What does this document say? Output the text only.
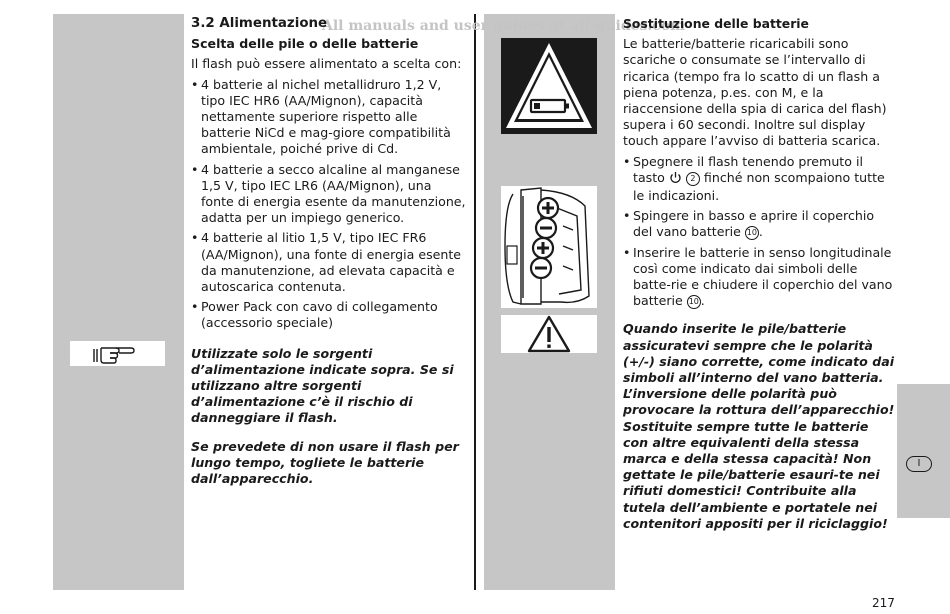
All manuals and user guides at all-guides.com

3.2 Alimentazione

Scelta delle pile o delle batterie

Il flash può essere alimentato a scelta con:

• 4 batterie al nichel metallidruro 1,2 V, tipo IEC HR6 (AA/Mignon), capacità nettamente superiore rispetto alle batterie NiCd e mag-giore compatibilità ambientale, poiché prive di Cd.
• 4 batterie a secco alcaline al manganese 1,5 V, tipo IEC LR6 (AA/Mignon), una fonte di energia esente da manutenzione, adatta per un impiego generico.
• 4 batterie al litio 1,5 V, tipo IEC FR6 (AA/Mignon), una fonte di energia esente da manutenzione, ad elevata capacità e autoscarica contenuta.
• Power Pack con cavo di collegamento (accessorio speciale)

Utilizzate solo le sorgenti d’alimentazione indicate sopra. Se si utilizzano altre sorgenti d’alimentazione c’è il rischio di danneggiare il flash.

Se prevedete di non usare il flash per lungo tempo, togliete le batterie dall’apparecchio.

Sostituzione delle batterie

Le batterie/batterie ricaricabili sono scariche o consumate se l’intervallo di ricarica (tempo fra lo scatto di un flash a piena potenza, p.es. con M, e la riaccensione della spia di carica del flash) supera i 60 secondi. Inoltre sul display touch appare l’avviso di batteria scarica.

• Spegnere il flash tenendo premuto il tasto	2 finché non scompaiono tutte le indicazioni.
• Spingere in basso e aprire il coperchio del vano batterie 10 .
• Inserire le batterie in senso longitudinale così come indicato dai simboli delle batte-rie e chiudere il coperchio del vano batterie 10 .

Quando inserite le pile/batterie assicuratevi sempre che le polarità (+/-) siano corrette, come indicato dai simboli all’interno del vano batteria. L’inversione delle polarità può provocare la rottura dell’apparecchio! Sostituite sempre tutte le batterie con altre equivalenti della stessa marca e della stessa capacità! Non gettate le pile/batterie esauri-te nei rifiuti domestici! Contribuite alla tutela dell’ambiente e portatele nei contenitori appositi per il riciclaggio!

I
217
